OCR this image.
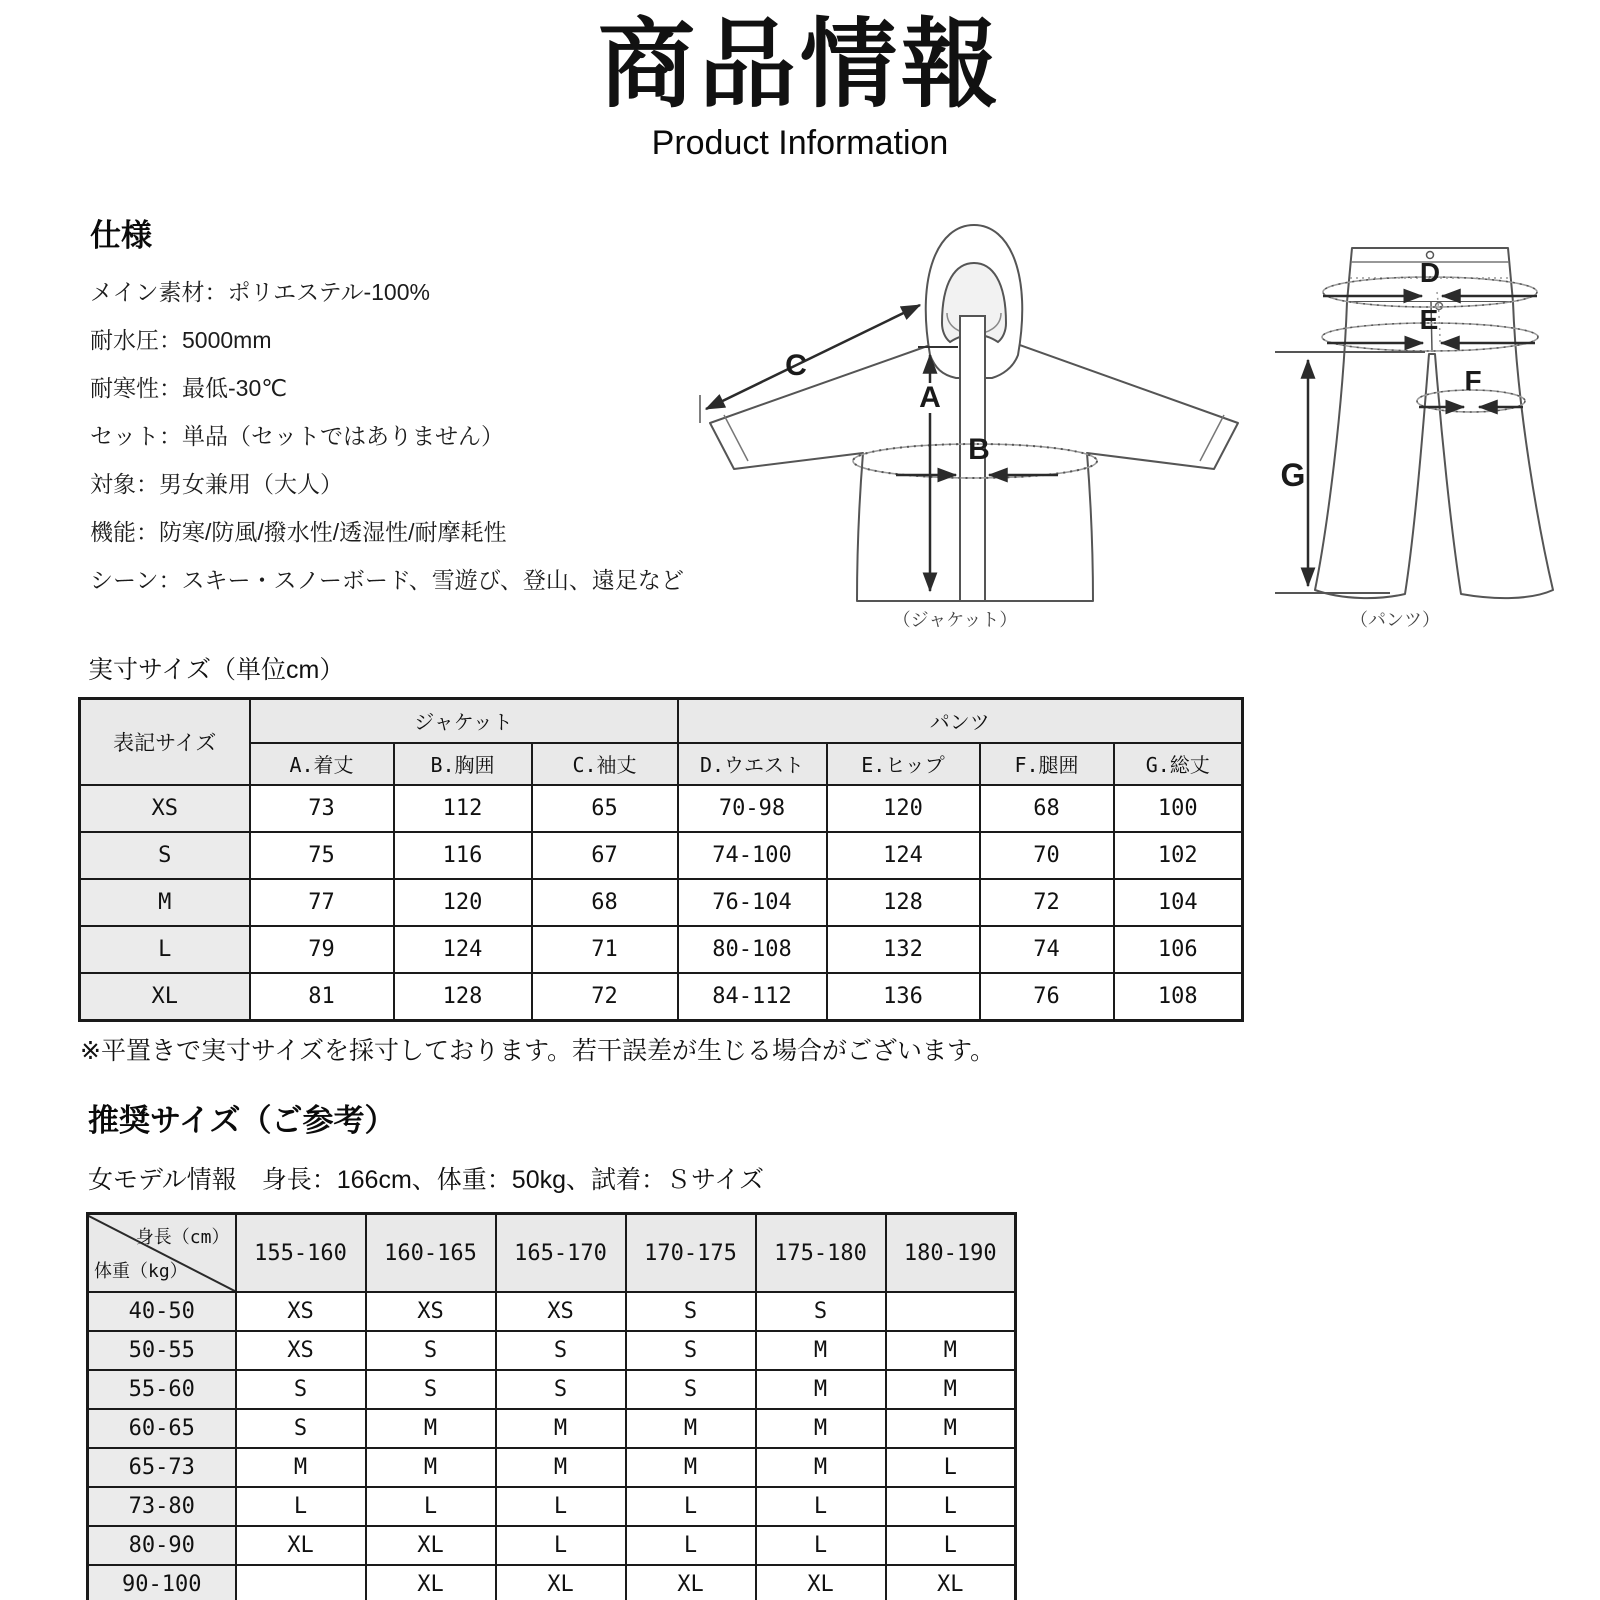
商品情報
Product Information
仕様
メイン素材：ポリエステル-100%
耐水圧：5000mm
耐寒性：最低-30℃
セット：単品（セットではありません）
対象：男女兼用（大人）
機能：防寒/防風/撥水性/透湿性/耐摩耗性
シーン：スキー・スノーボード、雪遊び、登山、遠足など
A
B
C
（ジャケット）
D
E
F
G
（パンツ）
実寸サイズ（単位cm）
表記サイズ	ジャケット			パンツ			
	A.着丈	B.胸囲	C.袖丈	D.ウエスト	E.ヒップ	F.腿囲	G.総丈
XS	73	112	65	70-98	120	68	100
S	75	116	67	74-100	124	70	102
M	77	120	68	76-104	128	72	104
L	79	124	71	80-108	132	74	106
XL	81	128	72	84-112	136	76	108
※平置きで実寸サイズを採寸しております。若干誤差が生じる場合がございます。
推奨サイズ（ご参考）
女モデル情報　身長：166cm、体重：50kg、試着：Ｓサイズ
身長（cm）
体重（kg）	155-160	160-165	165-170	170-175	175-180	180-190
40-50	XS	XS	XS	S	S	
50-55	XS	S	S	S	M	M
55-60	S	S	S	S	M	M
60-65	S	M	M	M	M	M
65-73	M	M	M	M	M	L
73-80	L	L	L	L	L	L
80-90	XL	XL	L	L	L	L
90-100		XL	XL	XL	XL	XL
